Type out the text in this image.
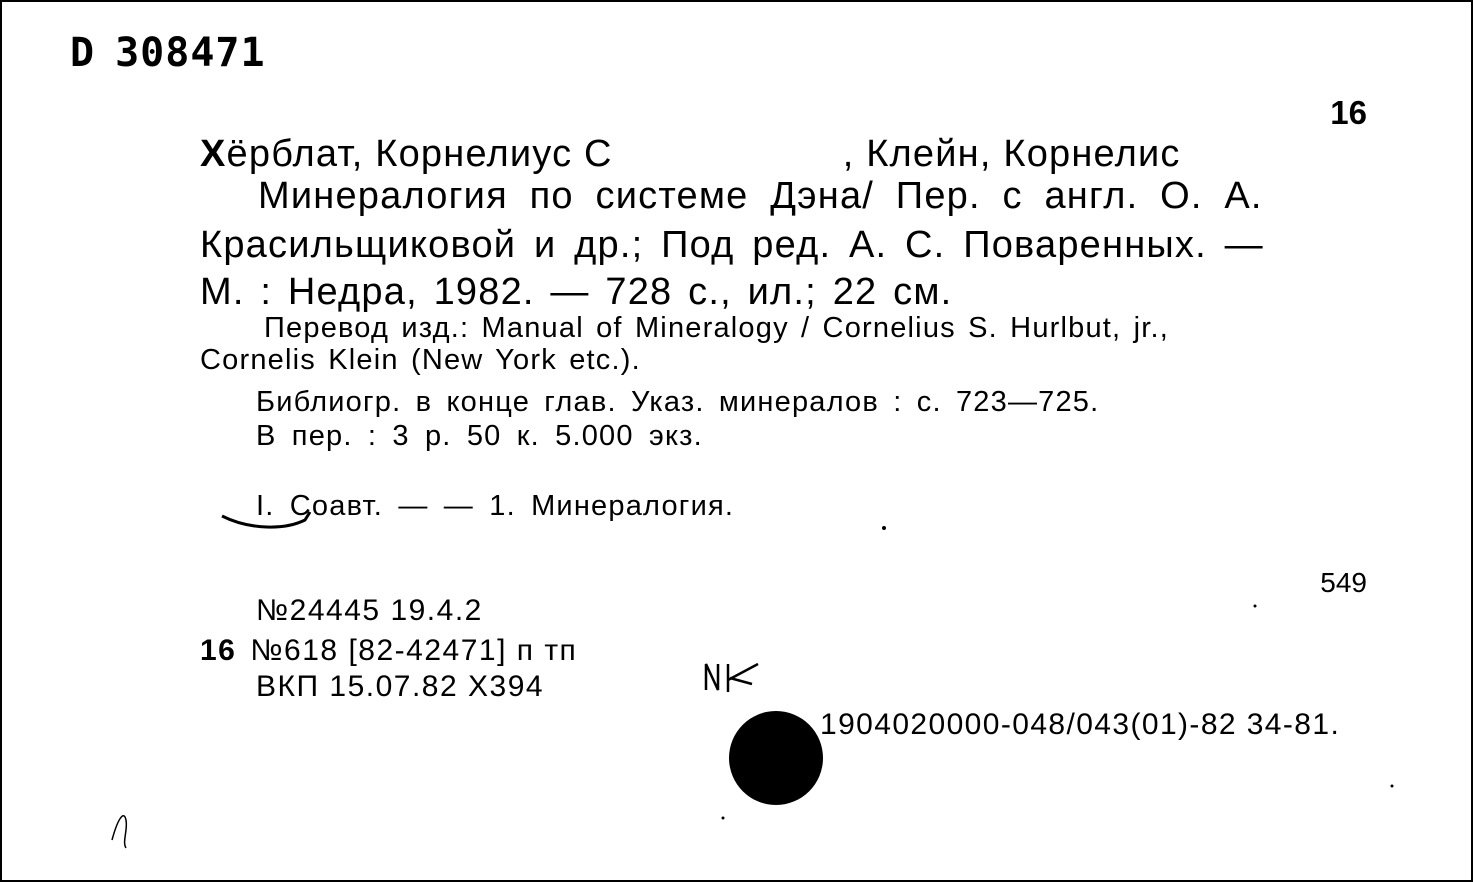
D 308471
16
Хёрблат, Корнелиус С	, Клейн, Корнелис
Минералогия по системе Дэна/ Пер. с англ. О. А.
Красильщиковой и др.; Под ред. А. С. Поваренных. —
М. : Недра, 1982. — 728 с., ил.; 22 см.
Перевод изд.: Manual of Mineralogy / Cornelius S. Hurlbut, jr.,
Cornelis Klein (New York etc.).
Библиогр. в конце глав. Указ. минералов : с. 723—725.
В пер. : 3 р. 50 к. 5.000 экз.
I. Соавт. — — 1. Минералогия.
549
№24445 19.4.2
16 №618 [82-42471] п тп
ВКП 15.07.82 Х394
1904020000-048/043(01)-82 34-81.
